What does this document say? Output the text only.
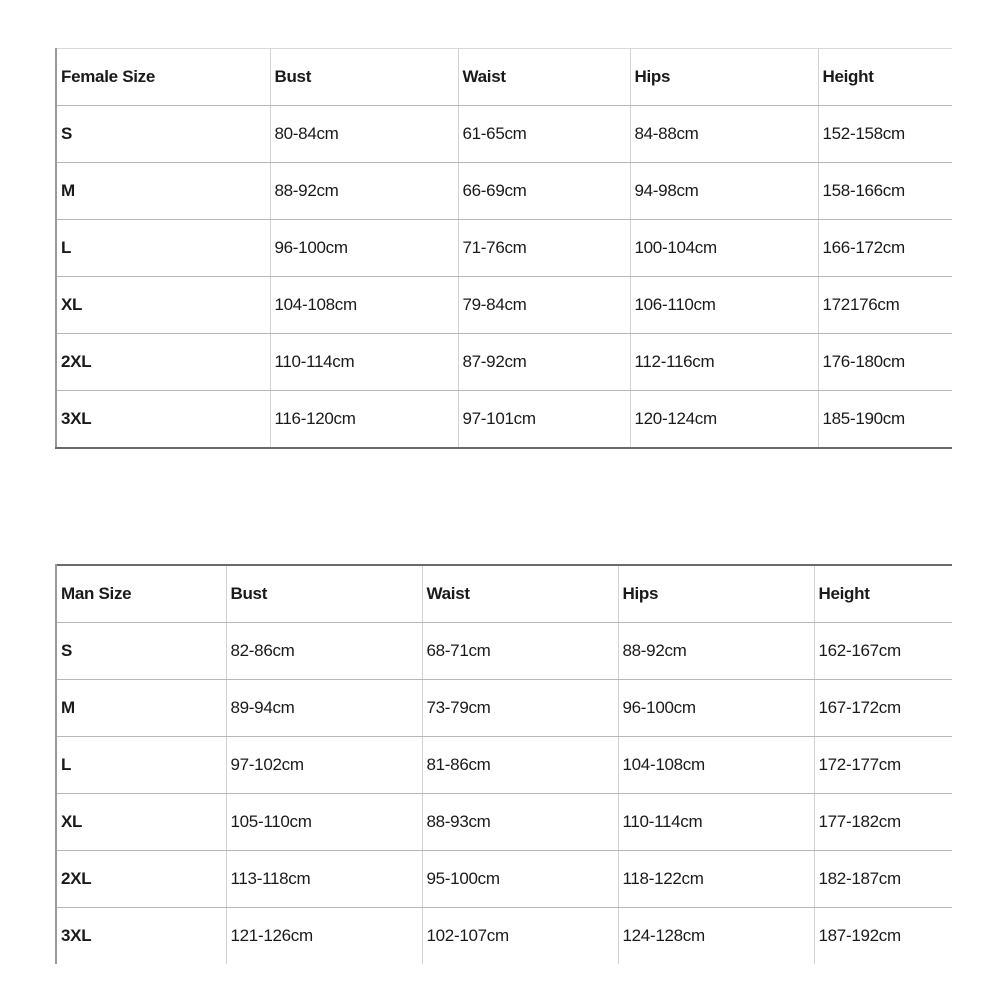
Female Size	Bust	Waist	Hips	Height
S	80-84cm	61-65cm	84-88cm	152-158cm
M	88-92cm	66-69cm	94-98cm	158-166cm
L	96-100cm	71-76cm	100-104cm	166-172cm
XL	104-108cm	79-84cm	106-110cm	172176cm
2XL	110-114cm	87-92cm	112-116cm	176-180cm
3XL	116-120cm	97-101cm	120-124cm	185-190cm
Man Size	Bust	Waist	Hips	Height
S	82-86cm	68-71cm	88-92cm	162-167cm
M	89-94cm	73-79cm	96-100cm	167-172cm
L	97-102cm	81-86cm	104-108cm	172-177cm
XL	105-110cm	88-93cm	110-114cm	177-182cm
2XL	113-118cm	95-100cm	118-122cm	182-187cm
3XL	121-126cm	102-107cm	124-128cm	187-192cm
